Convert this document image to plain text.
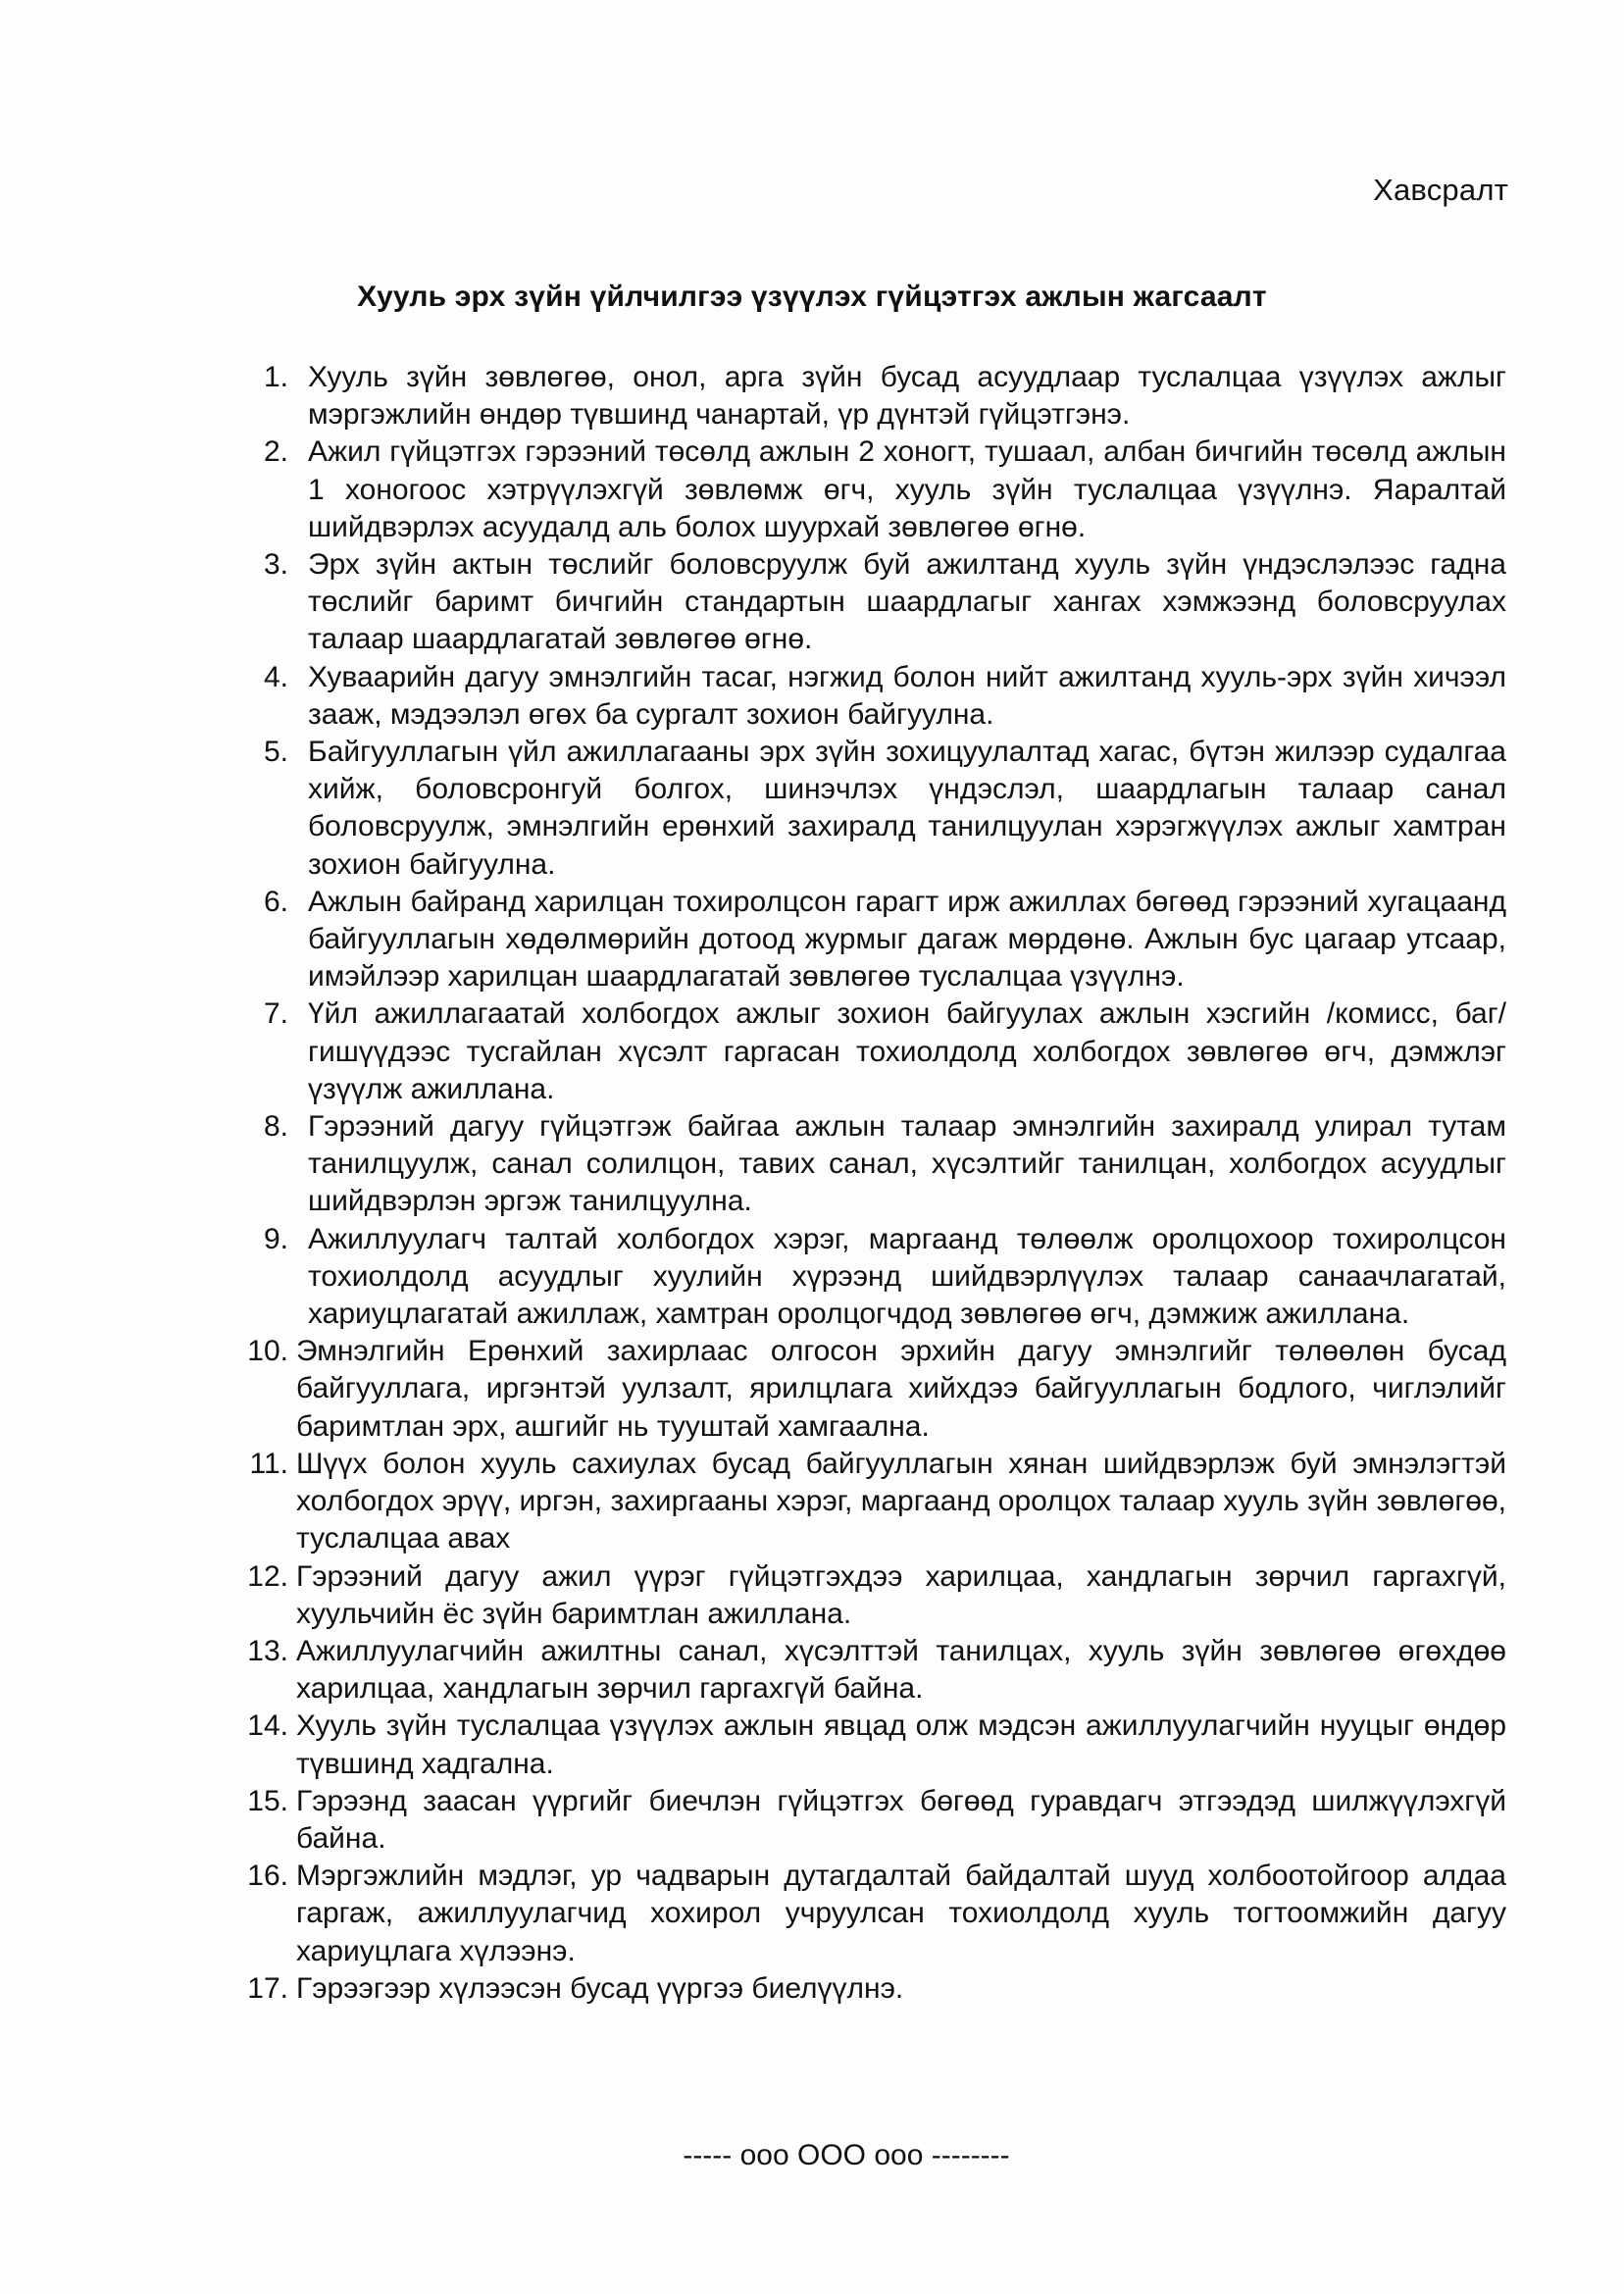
Хавсралт
Хууль эрх зүйн үйлчилгээ үзүүлэх гүйцэтгэх ажлын жагсаалт
1. Хууль зүйн зөвлөгөө, онол, арга зүйн бусад асуудлаар туслалцаа үзүүлэх ажлыг мэргэжлийн өндөр түвшинд чанартай, үр дүнтэй гүйцэтгэнэ.
2. Ажил гүйцэтгэх гэрээний төсөлд ажлын 2 хоногт, тушаал, албан бичгийн төсөлд ажлын 1 хоногоос хэтрүүлэхгүй зөвлөмж өгч, хууль зүйн туслалцаа үзүүлнэ. Яаралтай шийдвэрлэх асуудалд аль болох шуурхай зөвлөгөө өгнө.
3. Эрх зүйн актын төслийг боловсруулж буй ажилтанд хууль зүйн үндэслэлээс гадна төслийг баримт бичгийн стандартын шаардлагыг хангах хэмжээнд боловсруулах талаар шаардлагатай зөвлөгөө өгнө.
4. Хуваарийн дагуу эмнэлгийн тасаг, нэгжид болон нийт ажилтанд хууль-эрх зүйн хичээл зааж, мэдээлэл өгөх ба сургалт зохион байгуулна.
5. Байгууллагын үйл ажиллагааны эрх зүйн зохицуулалтад хагас, бүтэн жилээр судалгаа хийж, боловсронгуй болгох, шинэчлэх үндэслэл, шаардлагын талаар санал боловсруулж, эмнэлгийн ерөнхий захиралд танилцуулан хэрэгжүүлэх ажлыг хамтран зохион байгуулна.
6. Ажлын байранд харилцан тохиролцсон гарагт ирж ажиллах бөгөөд гэрээний хугацаанд байгууллагын хөдөлмөрийн дотоод журмыг дагаж мөрдөнө. Ажлын бус цагаар утсаар, имэйлээр харилцан шаардлагатай зөвлөгөө туслалцаа үзүүлнэ.
7. Үйл ажиллагаатай холбогдох ажлыг зохион байгуулах ажлын хэсгийн /комисс, баг/ гишүүдээс тусгайлан хүсэлт гаргасан тохиолдолд холбогдох зөвлөгөө өгч, дэмжлэг үзүүлж ажиллана.
8. Гэрээний дагуу гүйцэтгэж байгаа ажлын талаар эмнэлгийн захиралд улирал тутам танилцуулж, санал солилцон, тавих санал, хүсэлтийг танилцан, холбогдох асуудлыг шийдвэрлэн эргэж танилцуулна.
9. Ажиллуулагч талтай холбогдох хэрэг, маргаанд төлөөлж оролцохоор тохиролцсон тохиолдолд асуудлыг хуулийн хүрээнд шийдвэрлүүлэх талаар санаачлагатай, хариуцлагатай ажиллаж, хамтран оролцогчдод зөвлөгөө өгч, дэмжиж ажиллана.
10. Эмнэлгийн Ерөнхий захирлаас олгосон эрхийн дагуу эмнэлгийг төлөөлөн бусад байгууллага, иргэнтэй уулзалт, ярилцлага хийхдээ байгууллагын бодлого, чиглэлийг баримтлан эрх, ашгийг нь тууштай хамгаална.
11. Шүүх болон хууль сахиулах бусад байгууллагын хянан шийдвэрлэж буй эмнэлэгтэй холбогдох эрүү, иргэн, захиргааны хэрэг, маргаанд оролцох талаар хууль зүйн зөвлөгөө, туслалцаа авах
12. Гэрээний дагуу ажил үүрэг гүйцэтгэхдээ харилцаа, хандлагын зөрчил гаргахгүй, хуульчийн ёс зүйн баримтлан ажиллана.
13. Ажиллуулагчийн ажилтны санал, хүсэлттэй танилцах, хууль зүйн зөвлөгөө өгөхдөө харилцаа, хандлагын зөрчил гаргахгүй байна.
14. Хууль зүйн туслалцаа үзүүлэх ажлын явцад олж мэдсэн ажиллуулагчийн нууцыг өндөр түвшинд хадгална.
15. Гэрээнд заасан үүргийг биечлэн гүйцэтгэх бөгөөд гуравдагч этгээдэд шилжүүлэхгүй байна.
16. Мэргэжлийн мэдлэг, ур чадварын дутагдалтай байдалтай шууд холбоотойгоор алдаа гаргаж, ажиллуулагчид хохирол учруулсан тохиолдолд хууль тогтоомжийн дагуу хариуцлага хүлээнэ.
17. Гэрээгээр хүлээсэн бусад үүргээ биелүүлнэ.
----- ооо ООО ооо --------
